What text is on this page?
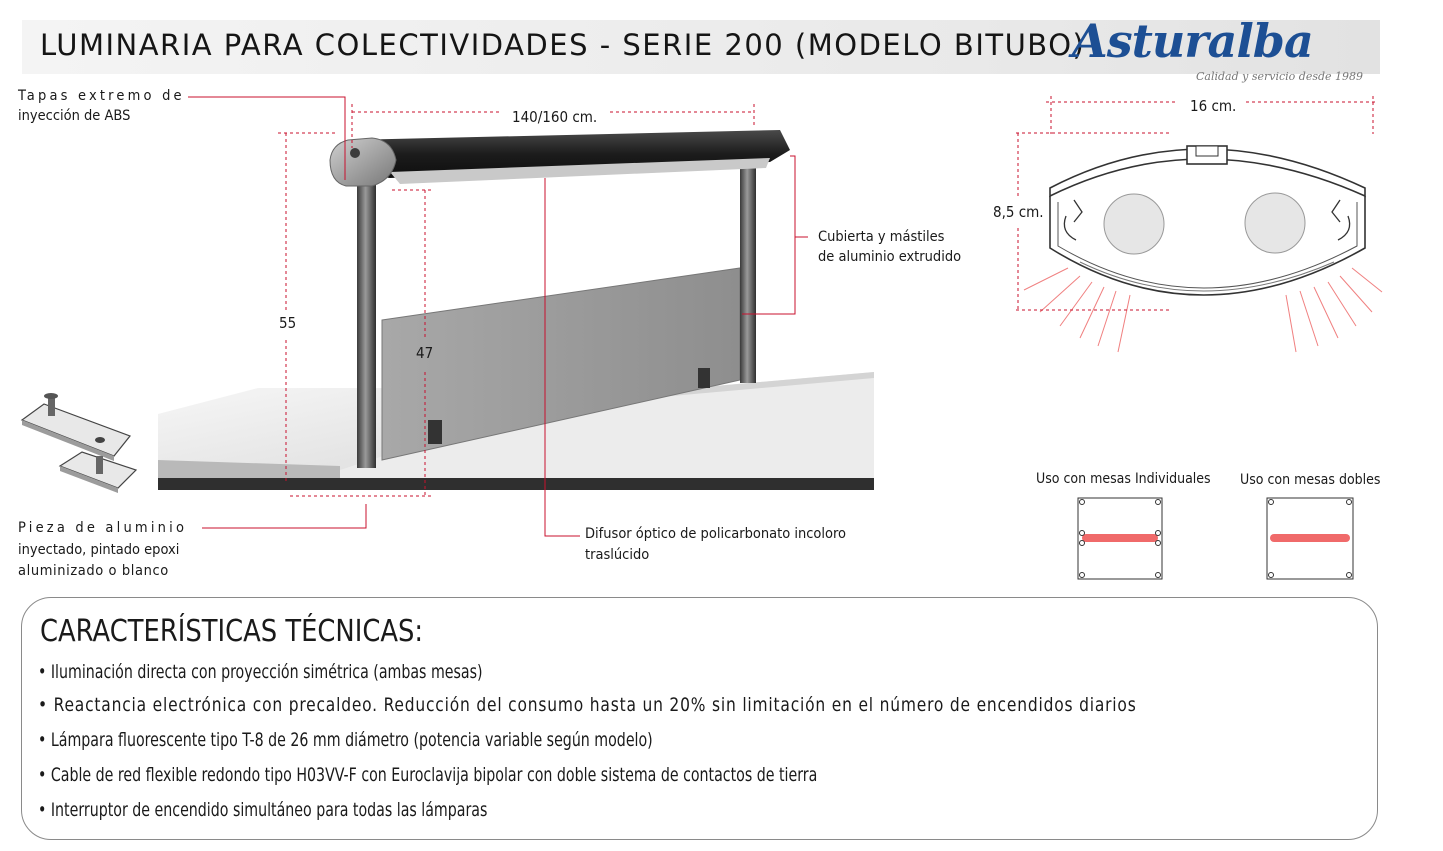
LUMINARIA PARA COLECTIVIDADES - SERIE 200 (MODELO BITUBO)
Asturalba
Calidad y servicio desde 1989
Tapas extremo de
inyección de ABS	140/160 cm.
55
47
Cubierta y mástiles
de aluminio extrudido
Pieza de aluminio
inyectado, pintado epoxi
aluminizado o blanco
Difusor óptico de policarbonato incoloro
traslúcido
16 cm.
8,5 cm.
Uso con mesas Individuales Uso con mesas dobles
CARACTERÍSTICAS TÉCNICAS:
• Iluminación directa con proyección simétrica (ambas mesas)
• Reactancia electrónica con precaldeo. Reducción del consumo hasta un 20% sin limitación en el número de encendidos diarios
• Lámpara fluorescente tipo T-8 de 26 mm diámetro (potencia variable según modelo)
• Cable de red flexible redondo tipo H03VV-F con Euroclavija bipolar con doble sistema de contactos de tierra
• Interruptor de encendido simultáneo para todas las lámparas
